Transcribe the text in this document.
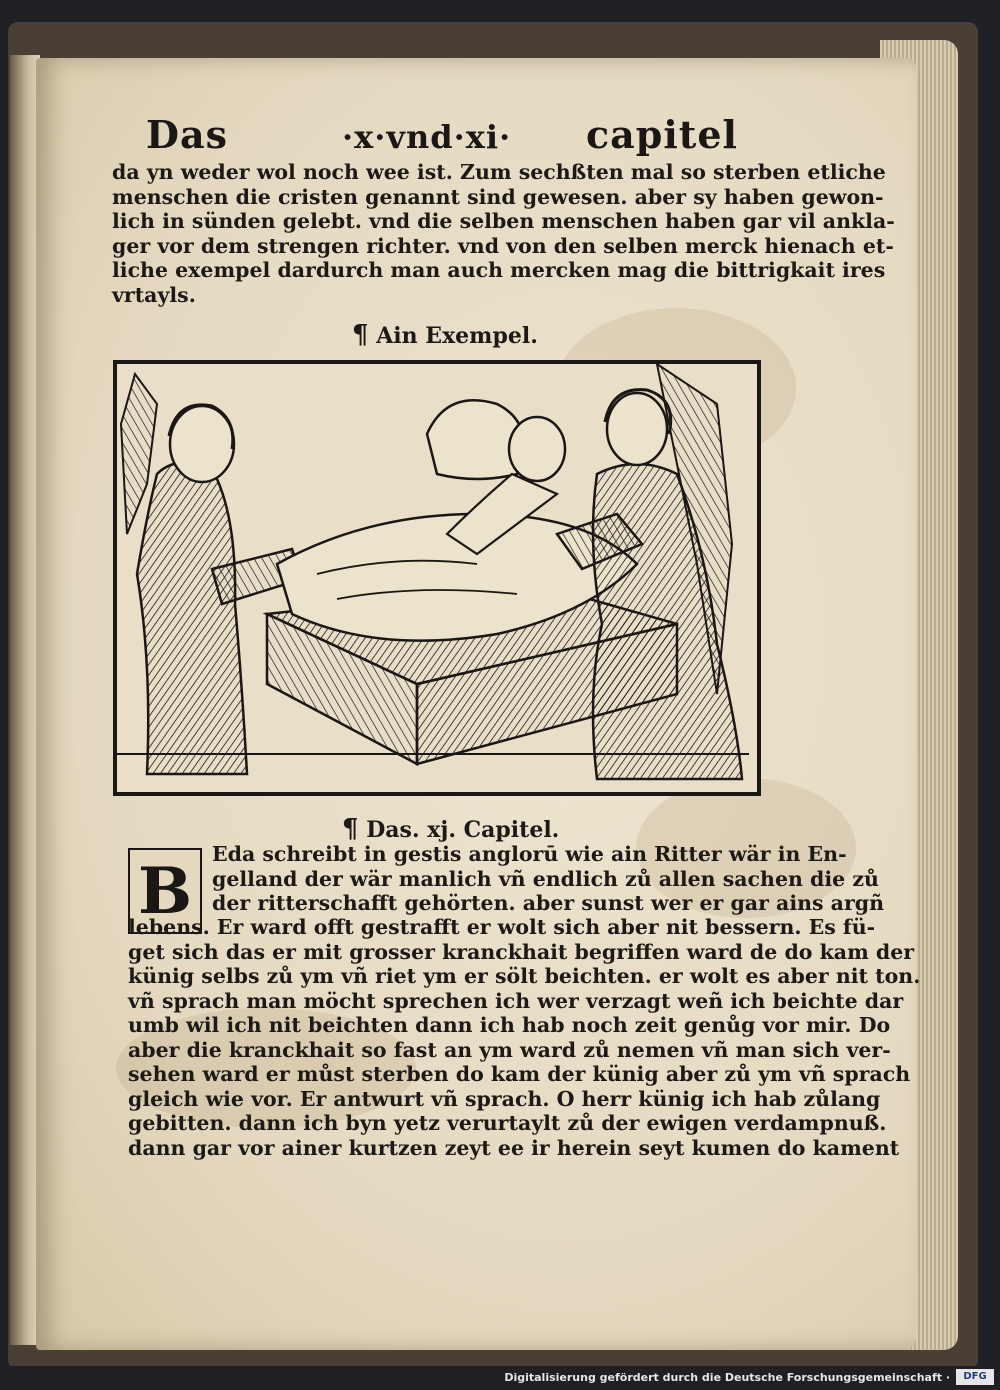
Das	·x·vnd·xi· capitel
da yn weder wol noch wee ist. Zum sechßten mal so sterben etliche
menschen die cristen genannt sind gewesen. aber sy haben gewon-
lich in sünden gelebt. vnd die selben menschen haben gar vil ankla-
ger vor dem strengen richter. vnd von den selben merck hienach et-
liche exempel dardurch man auch mercken mag die bittrigkait ires
vrtayls.
¶ Ain Exempel.
¶ Das. xj. Capitel.
B Eda schreibt in gestis anglorū wie ain Ritter wär in En-
gelland der wär manlich vñ endlich zů allen sachen die zů
der ritterschafft gehörten. aber sunst wer er gar ains argñ
lebens. Er ward offt gestrafft er wolt sich aber nit bessern. Es fü-
get sich das er mit grosser kranckhait begriffen ward de do kam der
künig selbs zů ym vñ riet ym er sölt beichten. er wolt es aber nit ton.
vñ sprach man möcht sprechen ich wer verzagt weñ ich beichte dar
umb wil ich nit beichten dann ich hab noch zeit genůg vor mir. Do
aber die kranckhait so fast an ym ward zů nemen vñ man sich ver-
sehen ward er můst sterben do kam der künig aber zů ym vñ sprach
gleich wie vor. Er antwurt vñ sprach. O herr künig ich hab zůlang
gebitten. dann ich byn yetz verurtaylt zů der ewigen verdampnuß.
dann gar vor ainer kurtzen zeyt ee ir herein seyt kumen do kament
Digitalisierung gefördert durch die Deutsche Forschungsgemeinschaft ·	DFG
